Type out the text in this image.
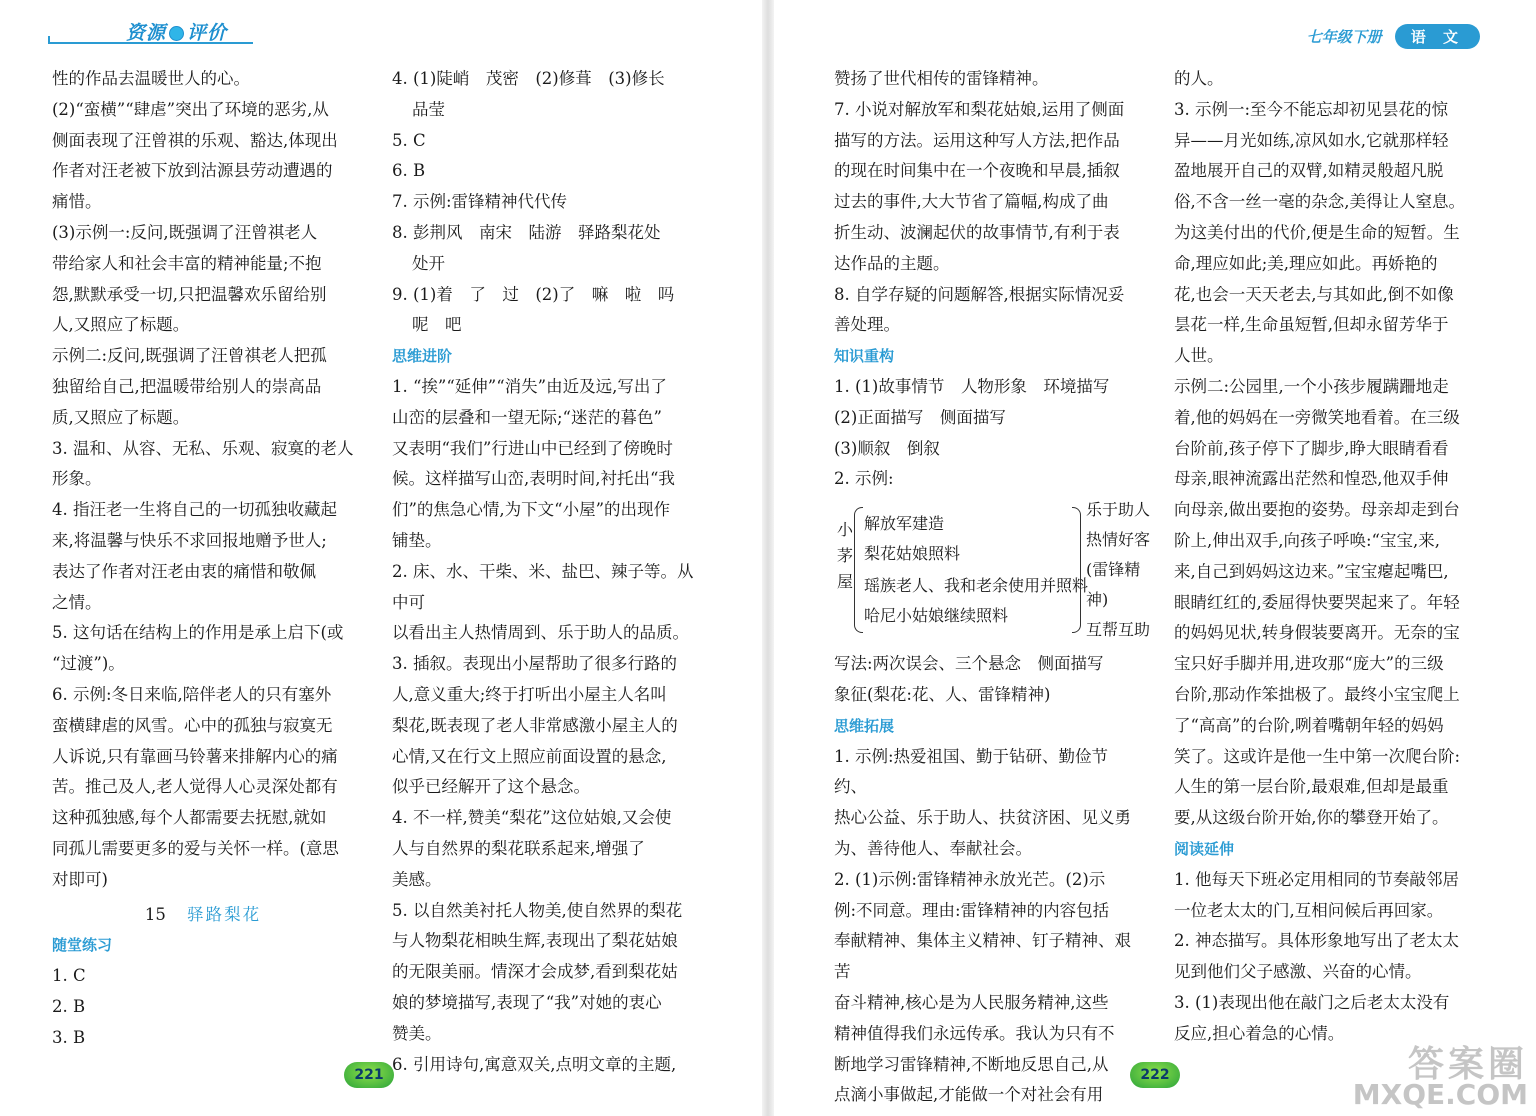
资源 评价

性的作品去温暖世人的心。

(2)“蛮横”“肆虐”突出了环境的恶劣,从

侧面表现了汪曾祺的乐观、豁达,体现出

作者对汪老被下放到沽源县劳动遭遇的

痛惜。

(3)示例一:反问,既强调了汪曾祺老人

带给家人和社会丰富的精神能量;不抱

怨,默默承受一切,只把温馨欢乐留给别

人,又照应了标题。

示例二:反问,既强调了汪曾祺老人把孤

独留给自己,把温暖带给别人的崇高品

质,又照应了标题。

3. 温和、从容、无私、乐观、寂寞的老人

形象。

4. 指汪老一生将自己的一切孤独收藏起

来,将温馨与快乐不求回报地赠予世人;

表达了作者对汪老由衷的痛惜和敬佩

之情。

5. 这句话在结构上的作用是承上启下(或

“过渡”)。

6. 示例:冬日来临,陪伴老人的只有塞外

蛮横肆虐的风雪。心中的孤独与寂寞无

人诉说,只有靠画马铃薯来排解内心的痛

苦。推己及人,老人觉得人心灵深处都有

这种孤独感,每个人都需要去抚慰,就如

同孤儿需要更多的爱与关怀一样。(意思

对即可)

15 驿路梨花

随堂练习

1. C

2. B

3. B

4. (1)陡峭　茂密　(2)修葺　(3)修长

品莹

5. C

6. B

7. 示例:雷锋精神代代传

8. 彭荆风　南宋　陆游　驿路梨花处

处开

9. (1)着　了　过　(2)了　嘛　啦　吗

呢　吧

思维进阶

1. “挨”“延伸”“消失”由近及远,写出了

山峦的层叠和一望无际;“迷茫的暮色”

又表明“我们”行进山中已经到了傍晚时

候。这样描写山峦,表明时间,衬托出“我

们”的焦急心情,为下文“小屋”的出现作

铺垫。

2. 床、水、干柴、米、盐巴、辣子等。从中可

以看出主人热情周到、乐于助人的品质。

3. 插叙。表现出小屋帮助了很多行路的

人,意义重大;终于打听出小屋主人名叫

梨花,既表现了老人非常感激小屋主人的

心情,又在行文上照应前面设置的悬念,

似乎已经解开了这个悬念。

4. 不一样,赞美“梨花”这位姑娘,又会使

人与自然界的梨花联系起来,增强了

美感。

5. 以自然美衬托人物美,使自然界的梨花

与人物梨花相映生辉,表现出了梨花姑娘

的无限美丽。情深才会成梦,看到梨花姑

娘的梦境描写,表现了“我”对她的衷心

赞美。

6. 引用诗句,寓意双关,点明文章的主题,

221
七年级下册 语 文

赞扬了世代相传的雷锋精神。

7. 小说对解放军和梨花姑娘,运用了侧面

描写的方法。运用这种写人方法,把作品

的现在时间集中在一个夜晚和早晨,插叙

过去的事件,大大节省了篇幅,构成了曲

折生动、波澜起伏的故事情节,有利于表

达作品的主题。

8. 自学存疑的问题解答,根据实际情况妥

善处理。

知识重构

1. (1)故事情节　人物形象　环境描写

(2)正面描写　侧面描写

(3)顺叙　倒叙

2. 示例:

小
茅
屋
解放军建造
梨花姑娘照料
瑶族老人、我和老余使用并照料
哈尼小姑娘继续照料
乐于助人
热情好客
(雷锋精
神)
互帮互助

写法:两次误会、三个悬念　侧面描写

象征(梨花:花、人、雷锋精神)

思维拓展

1. 示例:热爱祖国、勤于钻研、勤俭节约、

热心公益、乐于助人、扶贫济困、见义勇

为、善待他人、奉献社会。

2. (1)示例:雷锋精神永放光芒。(2)示

例:不同意。理由:雷锋精神的内容包括

奉献精神、集体主义精神、钉子精神、艰苦

奋斗精神,核心是为人民服务精神,这些

精神值得我们永远传承。我认为只有不

断地学习雷锋精神,不断地反思自己,从

点滴小事做起,才能做一个对社会有用

的人。

3. 示例一:至今不能忘却初见昙花的惊

异——月光如练,凉风如水,它就那样轻

盈地展开自己的双臂,如精灵般超凡脱

俗,不含一丝一毫的杂念,美得让人窒息。

为这美付出的代价,便是生命的短暂。生

命,理应如此;美,理应如此。再娇艳的

花,也会一天天老去,与其如此,倒不如像

昙花一样,生命虽短暂,但却永留芳华于

人世。

示例二:公园里,一个小孩步履蹒跚地走

着,他的妈妈在一旁微笑地看着。在三级

台阶前,孩子停下了脚步,睁大眼睛看看

母亲,眼神流露出茫然和惶恐,他双手伸

向母亲,做出要抱的姿势。母亲却走到台

阶上,伸出双手,向孩子呼唤:“宝宝,来,

来,自己到妈妈这边来。”宝宝瘪起嘴巴,

眼睛红红的,委屈得快要哭起来了。年轻

的妈妈见状,转身假装要离开。无奈的宝

宝只好手脚并用,进攻那“庞大”的三级

台阶,那动作笨拙极了。最终小宝宝爬上

了“高高”的台阶,咧着嘴朝年轻的妈妈

笑了。这或许是他一生中第一次爬台阶:

人生的第一层台阶,最艰难,但却是最重

要,从这级台阶开始,你的攀登开始了。

阅读延伸

1. 他每天下班必定用相同的节奏敲邻居

一位老太太的门,互相问候后再回家。

2. 神态描写。具体形象地写出了老太太

见到他们父子感激、兴奋的心情。

3. (1)表现出他在敲门之后老太太没有

反应,担心着急的心情。

222	答案圈
MXQE.COM
